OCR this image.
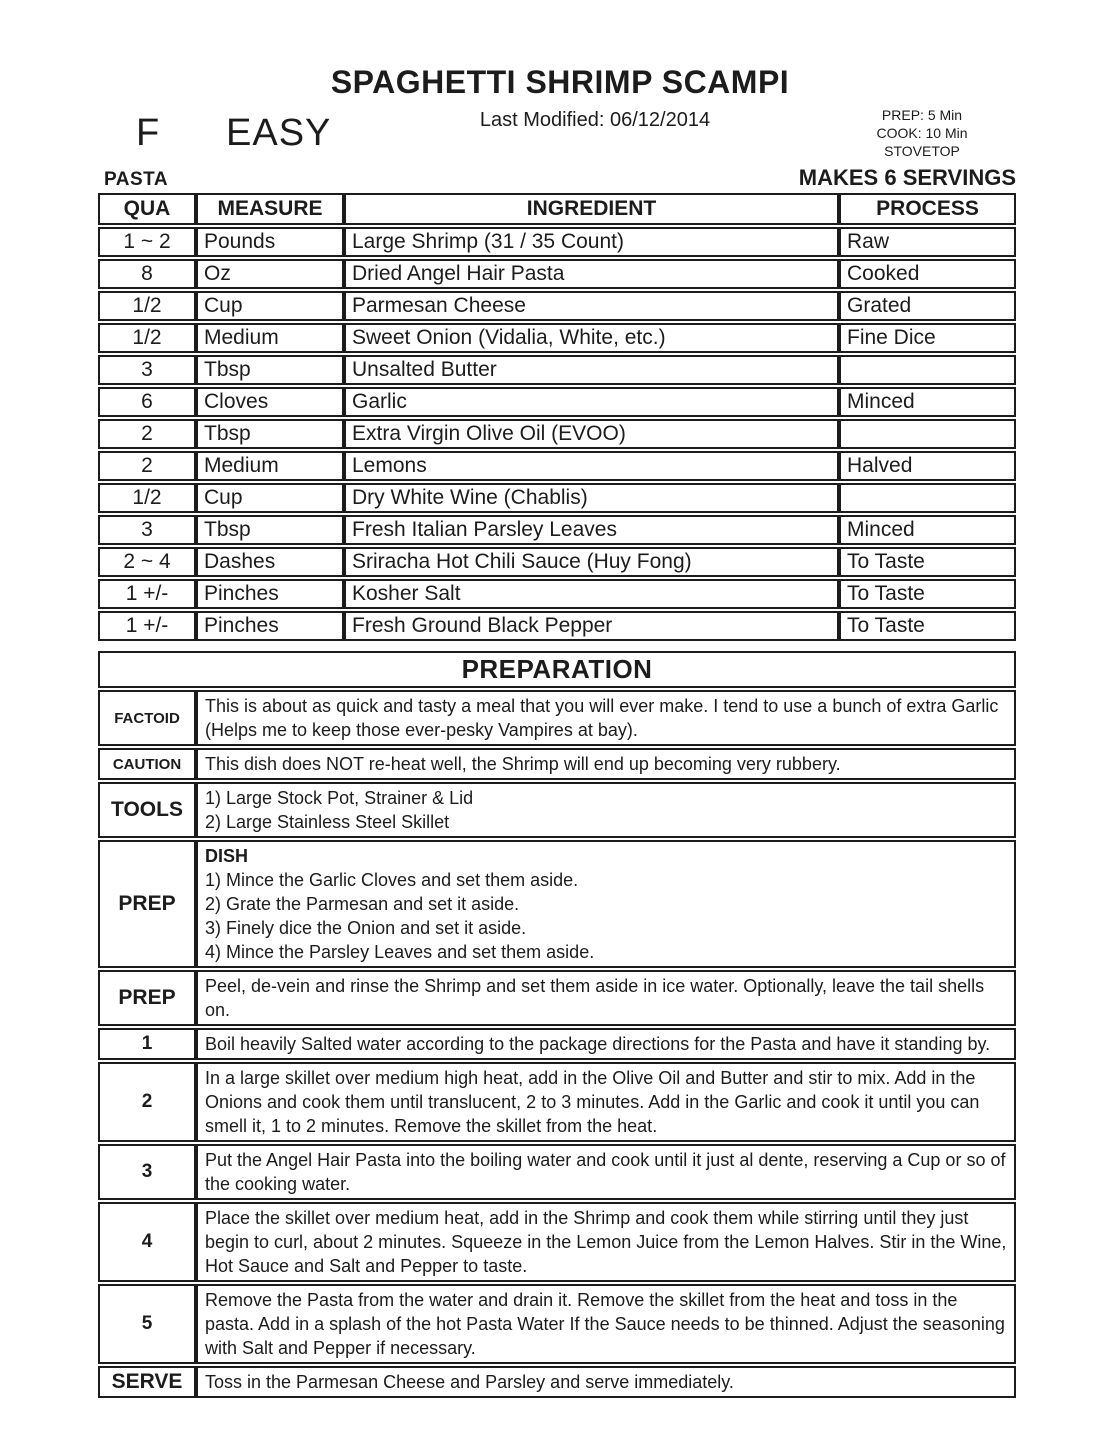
SPAGHETTI SHRIMP SCAMPI
Last Modified: 06/12/2014
F EASY	PREP: 5 Min
COOK: 10 Min
STOVETOP
PASTA	MAKES 6 SERVINGS
QUA	MEASURE	INGREDIENT	PROCESS
1 ~ 2	Pounds	Large Shrimp (31 / 35 Count)	Raw
8	Oz	Dried Angel Hair Pasta	Cooked
1/2	Cup	Parmesan Cheese	Grated
1/2	Medium	Sweet Onion (Vidalia, White, etc.)	Fine Dice
3	Tbsp	Unsalted Butter	
6	Cloves	Garlic	Minced
2	Tbsp	Extra Virgin Olive Oil (EVOO)	
2	Medium	Lemons	Halved
1/2	Cup	Dry White Wine (Chablis)	
3	Tbsp	Fresh Italian Parsley Leaves	Minced
2 ~ 4	Dashes	Sriracha Hot Chili Sauce (Huy Fong)	To Taste
1 +/-	Pinches	Kosher Salt	To Taste
1 +/-	Pinches	Fresh Ground Black Pepper	To Taste
PREPARATION	
FACTOID	This is about as quick and tasty a meal that you will ever make. I tend to use a bunch of extra Garlic (Helps me to keep those ever-pesky Vampires at bay).

CAUTION	This dish does NOT re-heat well, the Shrimp will end up becoming very rubbery.

TOOLS	1) Large Stock Pot, Strainer & Lid
2) Large Stainless Steel Skillet

PREP	DISH
1) Mince the Garlic Cloves and set them aside.
2) Grate the Parmesan and set it aside.
3) Finely dice the Onion and set it aside.
4) Mince the Parsley Leaves and set them aside.

PREP	Peel, de-vein and rinse the Shrimp and set them aside in ice water. Optionally, leave the tail shells on.

1	Boil heavily Salted water according to the package directions for the Pasta and have it standing by.

2	In a large skillet over medium high heat, add in the Olive Oil and Butter and stir to mix. Add in the Onions and cook them until translucent, 2 to 3 minutes. Add in the Garlic and cook it until you can smell it, 1 to 2 minutes. Remove the skillet from the heat.

3	Put the Angel Hair Pasta into the boiling water and cook until it just al dente, reserving a Cup or so of the cooking water.

4	Place the skillet over medium heat, add in the Shrimp and cook them while stirring until they just begin to curl, about 2 minutes. Squeeze in the Lemon Juice from the Lemon Halves. Stir in the Wine, Hot Sauce and Salt and Pepper to taste.

5	Remove the Pasta from the water and drain it. Remove the skillet from the heat and toss in the pasta. Add in a splash of the hot Pasta Water If the Sauce needs to be thinned. Adjust the seasoning with Salt and Pepper if necessary.

SERVE	Toss in the Parmesan Cheese and Parsley and serve immediately.
